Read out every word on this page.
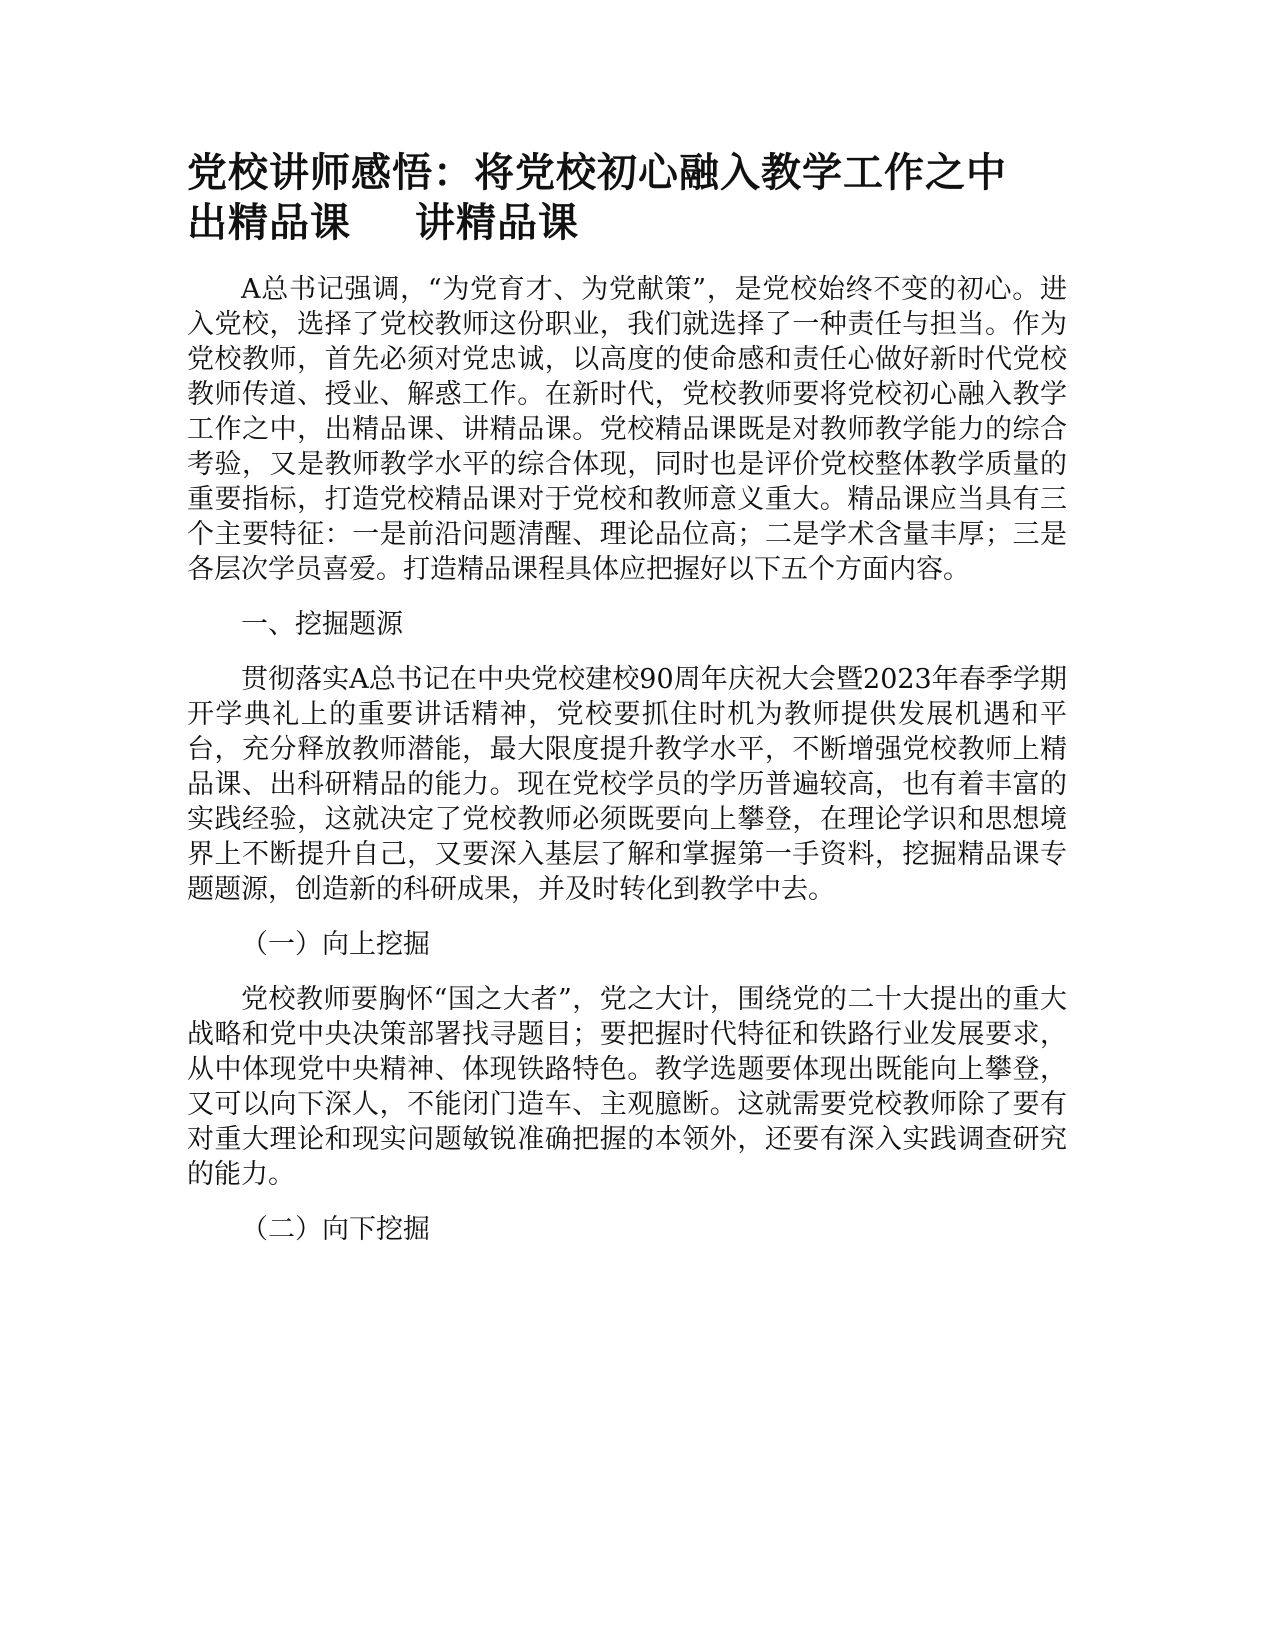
党校讲师感悟：将党校初心融入教学工作之中
出精品课 讲精品课

A总书记强调，“为党育才、为党献策”，是党校始终不变的初心。进入党校，选择了党校教师这份职业，我们就选择了一种责任与担当。作为党校教师，首先必须对党忠诚，以高度的使命感和责任心做好新时代党校教师传道、授业、解惑工作。在新时代，党校教师要将党校初心融入教学工作之中，出精品课、讲精品课。党校精品课既是对教师教学能力的综合考验，又是教师教学水平的综合体现，同时也是评价党校整体教学质量的重要指标，打造党校精品课对于党校和教师意义重大。精品课应当具有三个主要特征：一是前沿问题清醒、理论品位高；二是学术含量丰厚；三是各层次学员喜爱。打造精品课程具体应把握好以下五个方面内容。

一、挖掘题源

贯彻落实A总书记在中央党校建校90周年庆祝大会暨2023年春季学期开学典礼上的重要讲话精神，党校要抓住时机为教师提供发展机遇和平台，充分释放教师潜能，最大限度提升教学水平，不断增强党校教师上精品课、出科研精品的能力。现在党校学员的学历普遍较高，也有着丰富的实践经验，这就决定了党校教师必须既要向上攀登，在理论学识和思想境界上不断提升自己，又要深入基层了解和掌握第一手资料，挖掘精品课专题题源，创造新的科研成果，并及时转化到教学中去。

（一）向上挖掘

党校教师要胸怀“国之大者”，党之大计，围绕党的二十大提出的重大战略和党中央决策部署找寻题目；要把握时代特征和铁路行业发展要求，从中体现党中央精神、体现铁路特色。教学选题要体现出既能向上攀登，又可以向下深人，不能闭门造车、主观臆断。这就需要党校教师除了要有对重大理论和现实问题敏锐准确把握的本领外，还要有深入实践调查研究的能力。

（二）向下挖掘
